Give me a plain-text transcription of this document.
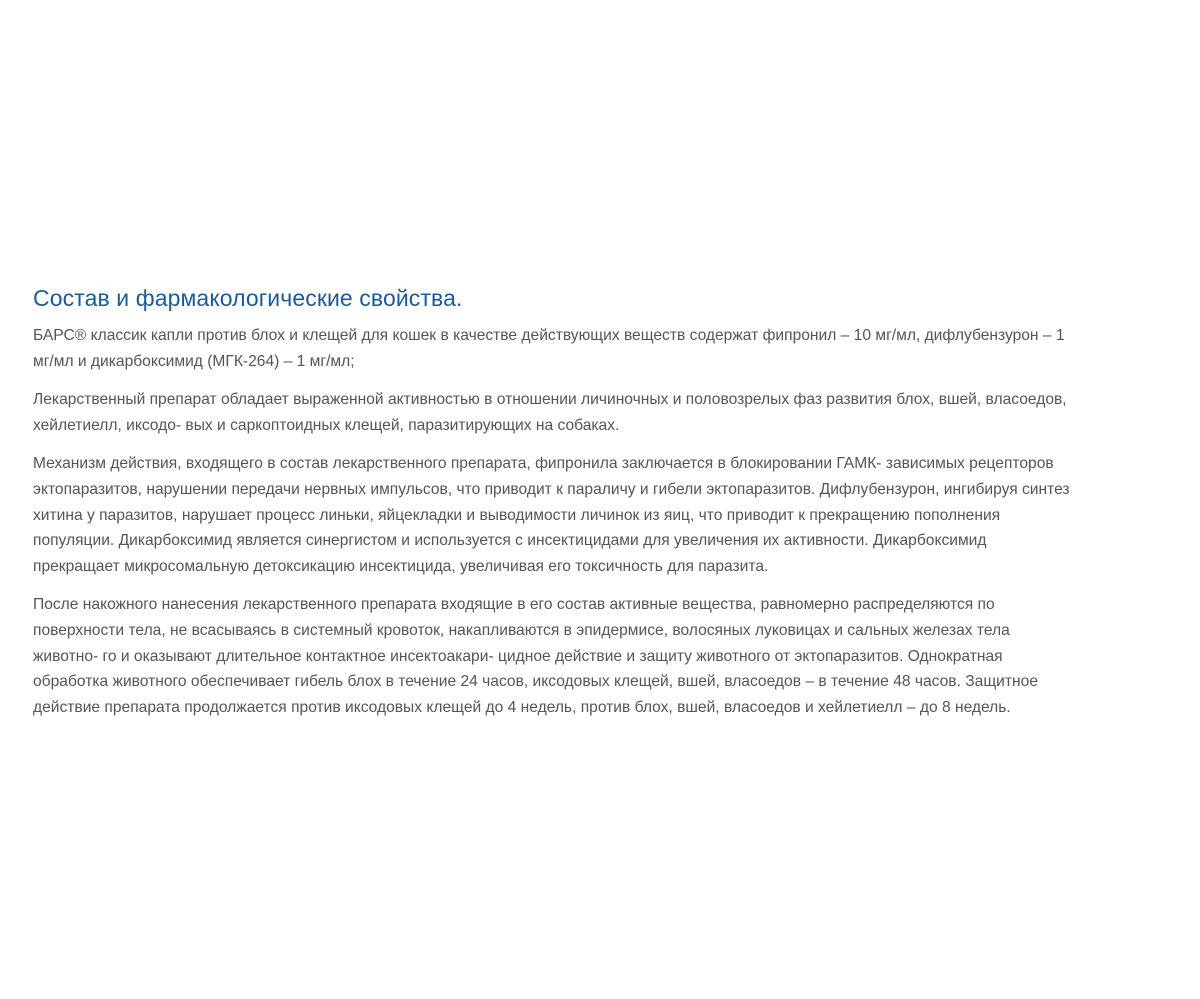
Состав и фармакологические свойства.

БАРС® классик капли против блох и клещей для кошек в качестве действующих веществ содержат фипронил – 10 мг/мл, дифлубензурон – 1
мг/мл и дикарбоксимид (МГК-264) – 1 мг/мл;

Лекарственный препарат обладает выраженной активностью в отношении личиночных и половозрелых фаз развития блох, вшей, власоедов,
хейлетиелл, иксодо- вых и саркоптоидных клещей, паразитирующих на собаках.

Механизм действия, входящего в состав лекарственного препарата, фипронила заключается в блокировании ГАМК- зависимых рецепторов
эктопаразитов, нарушении передачи нервных импульсов, что приводит к параличу и гибели эктопаразитов. Дифлубензурон, ингибируя синтез
хитина у паразитов, нарушает процесс линьки, яйцекладки и выводимости личинок из яиц, что приводит к прекращению пополнения
популяции. Дикарбоксимид является синергистом и используется с инсектицидами для увеличения их активности. Дикарбоксимид
прекращает микросомальную детоксикацию инсектицида, увеличивая его токсичность для паразита.

После накожного нанесения лекарственного препарата входящие в его состав активные вещества, равномерно распределяются по
поверхности тела, не всасываясь в системный кровоток, накапливаются в эпидермисе, волосяных луковицах и сальных железах тела
животно- го и оказывают длительное контактное инсектоакари- цидное действие и защиту животного от эктопаразитов. Однократная
обработка животного обеспечивает гибель блох в течение 24 часов, иксодовых клещей, вшей, власоедов – в течение 48 часов. Защитное
действие препарата продолжается против иксодовых клещей до 4 недель, против блох, вшей, власоедов и хейлетиелл – до 8 недель.
